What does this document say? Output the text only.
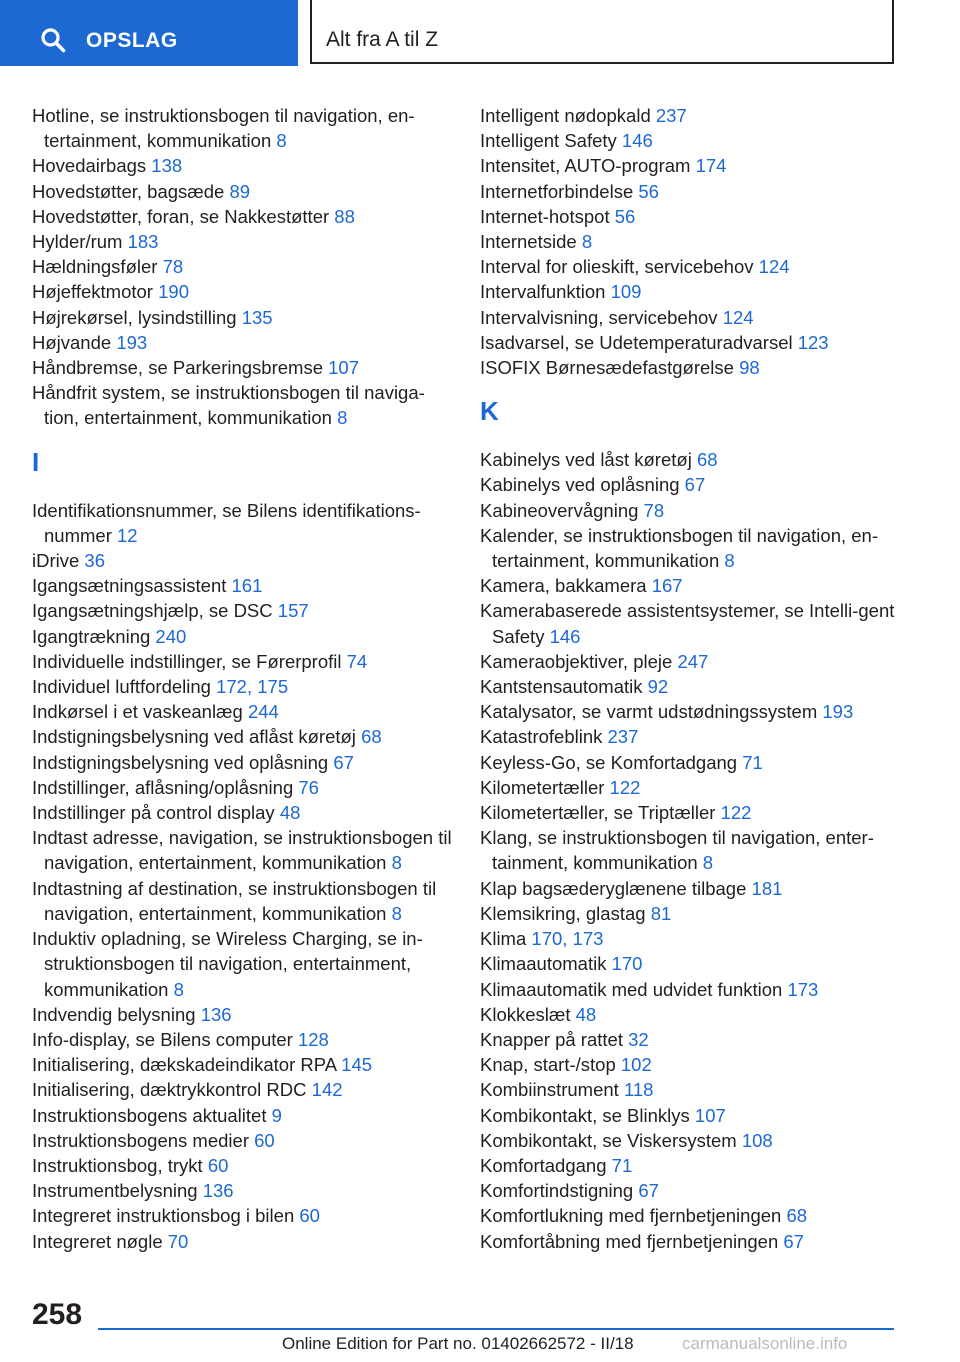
OPSLAG	Alt fra A til Z
Hotline, se instruktionsbogen til navigation, en-tertainment, kommunikation 8
Hovedairbags 138
Hovedstøtter, bagsæde 89
Hovedstøtter, foran, se Nakkestøtter 88
Hylder/rum 183
Hældningsføler 78
Højeffektmotor 190
Højrekørsel, lysindstilling 135
Højvande 193
Håndbremse, se Parkeringsbremse 107
Håndfrit system, se instruktionsbogen til naviga-tion, entertainment, kommunikation 8
I
Identifikationsnummer, se Bilens identifikations-nummer 12
iDrive 36
Igangsætningsassistent 161
Igangsætningshjælp, se DSC 157
Igangtrækning 240
Individuelle indstillinger, se Førerprofil 74
Individuel luftfordeling 172, 175
Indkørsel i et vaskeanlæg 244
Indstigningsbelysning ved aflåst køretøj 68
Indstigningsbelysning ved oplåsning 67
Indstillinger, aflåsning/oplåsning 76
Indstillinger på control display 48
Indtast adresse, navigation, se instruktionsbogen til navigation, entertainment, kommunikation 8
Indtastning af destination, se instruktionsbogen til navigation, entertainment, kommunikation 8
Induktiv opladning, se Wireless Charging, se in-struktionsbogen til navigation, entertainment, kommunikation 8
Indvendig belysning 136
Info-display, se Bilens computer 128
Initialisering, dækskadeindikator RPA 145
Initialisering, dæktrykkontrol RDC 142
Instruktionsbogens aktualitet 9
Instruktionsbogens medier 60
Instruktionsbog, trykt 60
Instrumentbelysning 136
Integreret instruktionsbog i bilen 60
Integreret nøgle 70
Intelligent nødopkald 237
Intelligent Safety 146
Intensitet, AUTO-program 174
Internetforbindelse 56
Internet-hotspot 56
Internetside 8
Interval for olieskift, servicebehov 124
Intervalfunktion 109
Intervalvisning, servicebehov 124
Isadvarsel, se Udetemperaturadvarsel 123
ISOFIX Børnesædefastgørelse 98
K
Kabinelys ved låst køretøj 68
Kabinelys ved oplåsning 67
Kabineovervågning 78
Kalender, se instruktionsbogen til navigation, en-tertainment, kommunikation 8
Kamera, bakkamera 167
Kamerabaserede assistentsystemer, se Intelli-gent Safety 146
Kameraobjektiver, pleje 247
Kantstensautomatik 92
Katalysator, se varmt udstødningssystem 193
Katastrofeblink 237
Keyless-Go, se Komfortadgang 71
Kilometertæller 122
Kilometertæller, se Triptæller 122
Klang, se instruktionsbogen til navigation, enter-tainment, kommunikation 8
Klap bagsæderyglænene tilbage 181
Klemsikring, glastag 81
Klima 170, 173
Klimaautomatik 170
Klimaautomatik med udvidet funktion 173
Klokkeslæt 48
Knapper på rattet 32
Knap, start-/stop 102
Kombiinstrument 118
Kombikontakt, se Blinklys 107
Kombikontakt, se Viskersystem 108
Komfortadgang 71
Komfortindstigning 67
Komfortlukning med fjernbetjeningen 68
Komfortåbning med fjernbetjeningen 67
258
Online Edition for Part no. 01402662572 - II/18	carmanualsonline.info
